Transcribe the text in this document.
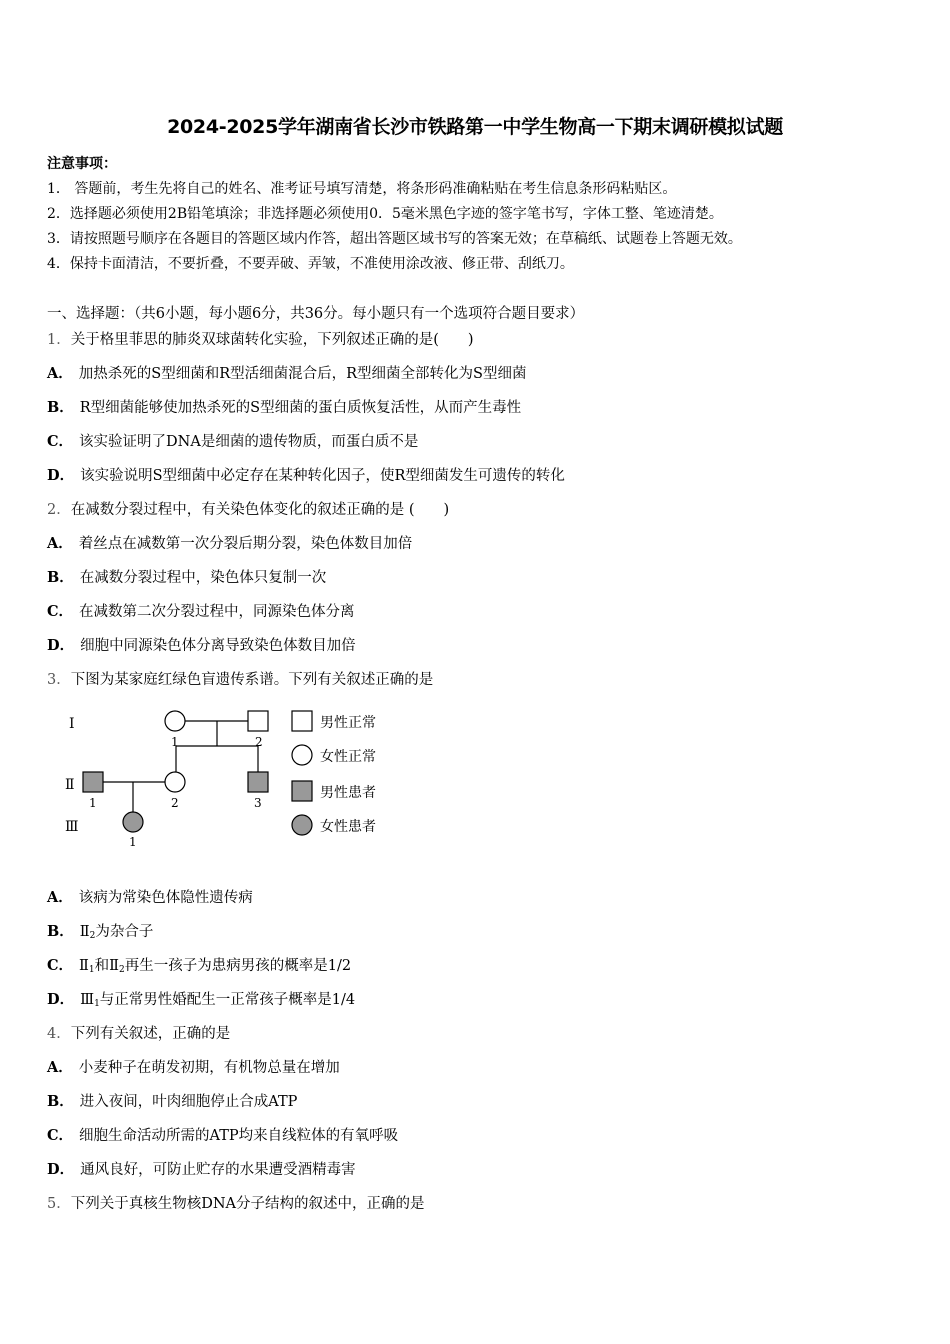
2024-2025学年湖南省长沙市铁路第一中学生物高一下期末调研模拟试题
注意事项：
1． 答题前，考生先将自己的姓名、准考证号填写清楚，将条形码准确粘贴在考生信息条形码粘贴区。
2．选择题必须使用2B铅笔填涂；非选择题必须使用0．5毫米黑色字迹的签字笔书写，字体工整、笔迹清楚。
3．请按照题号顺序在各题目的答题区域内作答，超出答题区域书写的答案无效；在草稿纸、试题卷上答题无效。
4．保持卡面清洁，不要折叠，不要弄破、弄皱，不准使用涂改液、修正带、刮纸刀。
一、选择题：（共6小题，每小题6分，共36分。每小题只有一个选项符合题目要求）
1．关于格里菲思的肺炎双球菌转化实验，下列叙述正确的是(　　)
A． 加热杀死的S型细菌和R型活细菌混合后，R型细菌全部转化为S型细菌
B． R型细菌能够使加热杀死的S型细菌的蛋白质恢复活性，从而产生毒性
C． 该实验证明了DNA是细菌的遗传物质，而蛋白质不是
D． 该实验说明S型细菌中必定存在某种转化因子，使R型细菌发生可遗传的转化
2．在减数分裂过程中，有关染色体变化的叙述正确的是 (　　)
A． 着丝点在减数第一次分裂后期分裂，染色体数目加倍
B． 在减数分裂过程中，染色体只复制一次
C． 在减数第二次分裂过程中，同源染色体分离
D． 细胞中同源染色体分离导致染色体数目加倍
3．下图为某家庭红绿色盲遗传系谱。下列有关叙述正确的是
Ⅰ
Ⅱ
Ⅲ
1	2
1	2	3
1
男性正常
女性正常
男性患者
女性患者
A． 该病为常染色体隐性遗传病
B． $Ⅱ_2$为杂合子
C． $Ⅱ_1$和$Ⅱ_2$再生一孩子为患病男孩的概率是1/2
D． $Ⅲ_1$与正常男性婚配生一正常孩子概率是1/4
4．下列有关叙述，正确的是
A． 小麦种子在萌发初期，有机物总量在增加
B． 进入夜间，叶肉细胞停止合成ATP
C． 细胞生命活动所需的ATP均来自线粒体的有氧呼吸
D． 通风良好，可防止贮存的水果遭受酒精毒害
5．下列关于真核生物核DNA分子结构的叙述中，正确的是
